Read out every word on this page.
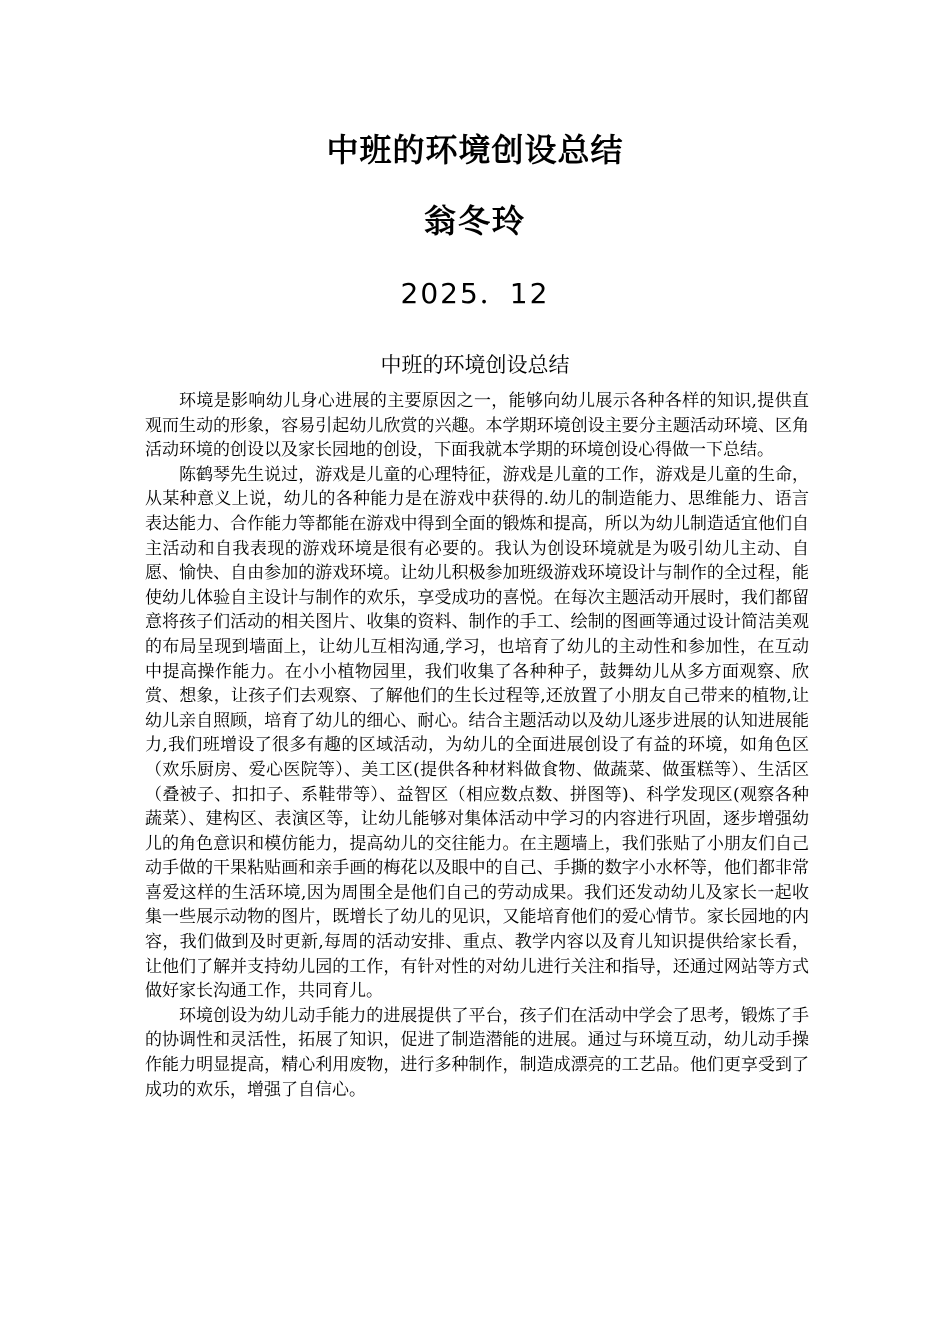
中班的环境创设总结
翁冬玲
2025．12
中班的环境创设总结

环境是影响幼儿身心进展的主要原因之一，能够向幼儿展示各种各样的知识,提供直观而生动的形象，容易引起幼儿欣赏的兴趣。本学期环境创设主要分主题活动环境、区角活动环境的创设以及家长园地的创设，下面我就本学期的环境创设心得做一下总结。

陈鹤琴先生说过，游戏是儿童的心理特征，游戏是儿童的工作，游戏是儿童的生命，从某种意义上说，幼儿的各种能力是在游戏中获得的.幼儿的制造能力、思维能力、语言表达能力、合作能力等都能在游戏中得到全面的锻炼和提高，所以为幼儿制造适宜他们自主活动和自我表现的游戏环境是很有必要的。我认为创设环境就是为吸引幼儿主动、自愿、愉快、自由参加的游戏环境。让幼儿积极参加班级游戏环境设计与制作的全过程，能使幼儿体验自主设计与制作的欢乐，享受成功的喜悦。在每次主题活动开展时，我们都留意将孩子们活动的相关图片、收集的资料、制作的手工、绘制的图画等通过设计简洁美观的布局呈现到墙面上，让幼儿互相沟通,学习，也培育了幼儿的主动性和参加性，在互动中提高操作能力。在小小植物园里，我们收集了各种种子，鼓舞幼儿从多方面观察、欣赏、想象，让孩子们去观察、了解他们的生长过程等,还放置了小朋友自己带来的植物,让幼儿亲自照顾，培育了幼儿的细心、耐心。结合主题活动以及幼儿逐步进展的认知进展能力,我们班增设了很多有趣的区域活动，为幼儿的全面进展创设了有益的环境，如角色区（欢乐厨房、爱心医院等）、美工区(提供各种材料做食物、做蔬菜、做蛋糕等）、生活区（叠被子、扣扣子、系鞋带等）、益智区（相应数点数、拼图等)、科学发现区(观察各种蔬菜）、建构区、表演区等，让幼儿能够对集体活动中学习的内容进行巩固，逐步增强幼儿的角色意识和模仿能力，提高幼儿的交往能力。在主题墙上，我们张贴了小朋友们自己动手做的干果粘贴画和亲手画的梅花以及眼中的自己、手撕的数字小水杯等，他们都非常喜爱这样的生活环境,因为周围全是他们自己的劳动成果。我们还发动幼儿及家长一起收集一些展示动物的图片，既增长了幼儿的见识，又能培育他们的爱心情节。家长园地的内容，我们做到及时更新,每周的活动安排、重点、教学内容以及育儿知识提供给家长看，让他们了解并支持幼儿园的工作，有针对性的对幼儿进行关注和指导，还通过网站等方式做好家长沟通工作，共同育儿。

环境创设为幼儿动手能力的进展提供了平台，孩子们在活动中学会了思考，锻炼了手的协调性和灵活性，拓展了知识，促进了制造潜能的进展。通过与环境互动，幼儿动手操作能力明显提高，精心利用废物，进行多种制作，制造成漂亮的工艺品。他们更享受到了成功的欢乐，增强了自信心。
